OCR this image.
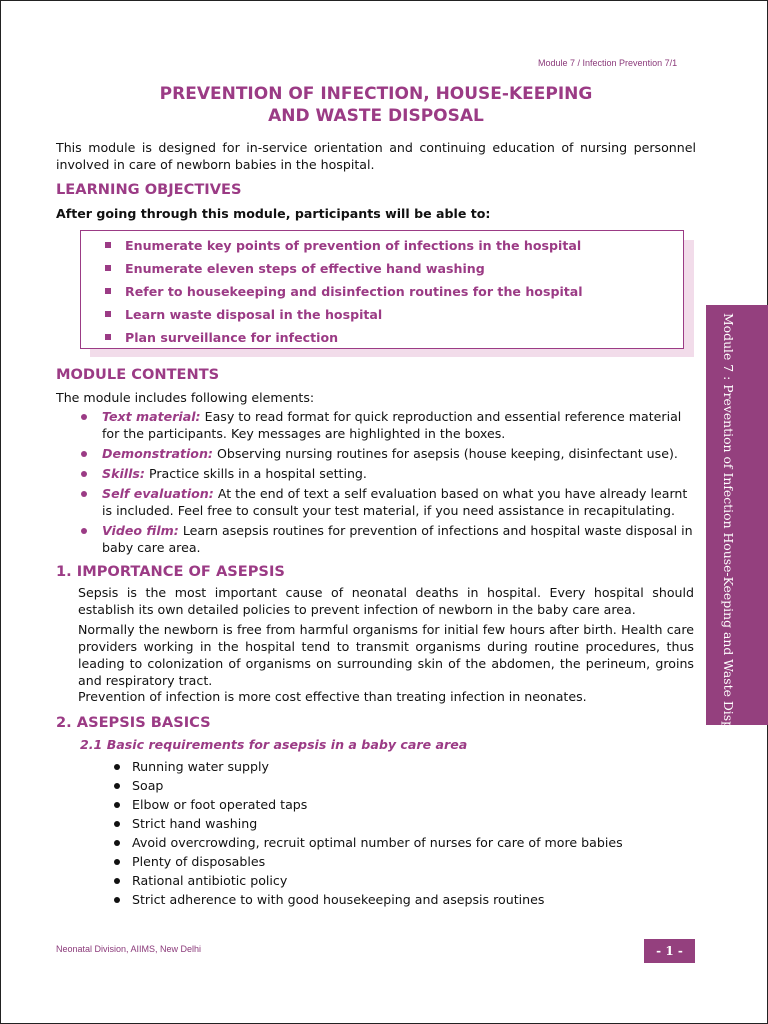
Module 7 / Infection Prevention 7/1
PREVENTION OF INFECTION, HOUSE-KEEPING
AND WASTE DISPOSAL

This module is designed for in-service orientation and continuing education of nursing personnel involved in care of newborn babies in the hospital.

LEARNING OBJECTIVES

After going through this module, participants will be able to:

Enumerate key points of prevention of infections in the hospital
Enumerate eleven steps of effective hand washing
Refer to housekeeping and disinfection routines for the hospital
Learn waste disposal in the hospital
Plan surveillance for infection
MODULE CONTENTS

The module includes following elements:

Text material: Easy to read format for quick reproduction and essential reference material for the participants. Key messages are highlighted in the boxes.
Demonstration: Observing nursing routines for asepsis (house keeping, disinfectant use).
Skills: Practice skills in a hospital setting.
Self evaluation: At the end of text a self evaluation based on what you have already learnt is included. Feel free to consult your test material, if you need assistance in recapitulating.
Video film: Learn asepsis routines for prevention of infections and hospital waste disposal in baby care area.
1. IMPORTANCE OF ASEPSIS

Sepsis is the most important cause of neonatal deaths in hospital. Every hospital should establish its own detailed policies to prevent infection of newborn in the baby care area.

Normally the newborn is free from harmful organisms for initial few hours after birth. Health care providers working in the hospital tend to transmit organisms during routine procedures, thus leading to colonization of organisms on surrounding skin of the abdomen, the perineum, groins and respiratory tract.

Prevention of infection is more cost effective than treating infection in neonates.

2. ASEPSIS BASICS
2.1 Basic requirements for asepsis in a baby care area
Running water supply
Soap
Elbow or foot operated taps
Strict hand washing
Avoid overcrowding, recruit optimal number of nurses for care of more babies
Plenty of disposables
Rational antibiotic policy
Strict adherence to with good housekeeping and asepsis routines
Module 7 : Prevention of Infection House-Keeping and Waste Disposal
Neonatal Division, AIIMS, New Delhi	- 1 -
